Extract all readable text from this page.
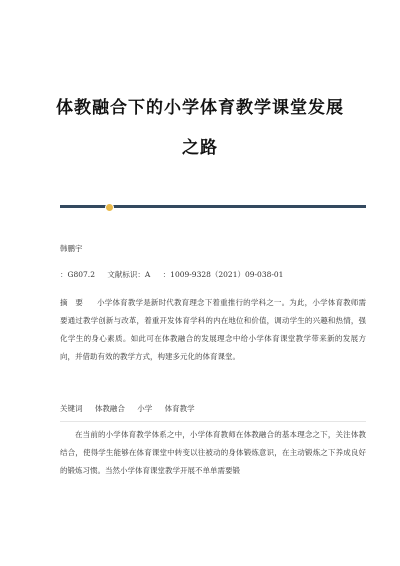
体教融合下的小学体育教学课堂发展之路
韩鹏宇
：G807.2 文献标识：A ：1009-9328（2021）09-038-01
摘　要 小学体育教学是新时代教育理念下着重推行的学科之一。为此，小学体育教师需要通过教学创新与改革，着重开发体育学科的内在地位和价值，调动学生的兴趣和热情，强化学生的身心素质。如此可在体教融合的发展理念中给小学体育课堂教学带来新的发展方向，并借助有效的教学方式，构建多元化的体育课堂。
关键词 体教融合 小学 体育教学
在当前的小学体育教学体系之中，小学体育教师在体教融合的基本理念之下，关注体教结合，使得学生能够在体育课堂中转变以往被动的身体锻炼意识，在主动锻炼之下养成良好的锻炼习惯。当然小学体育课堂教学开展不单单需要锻
